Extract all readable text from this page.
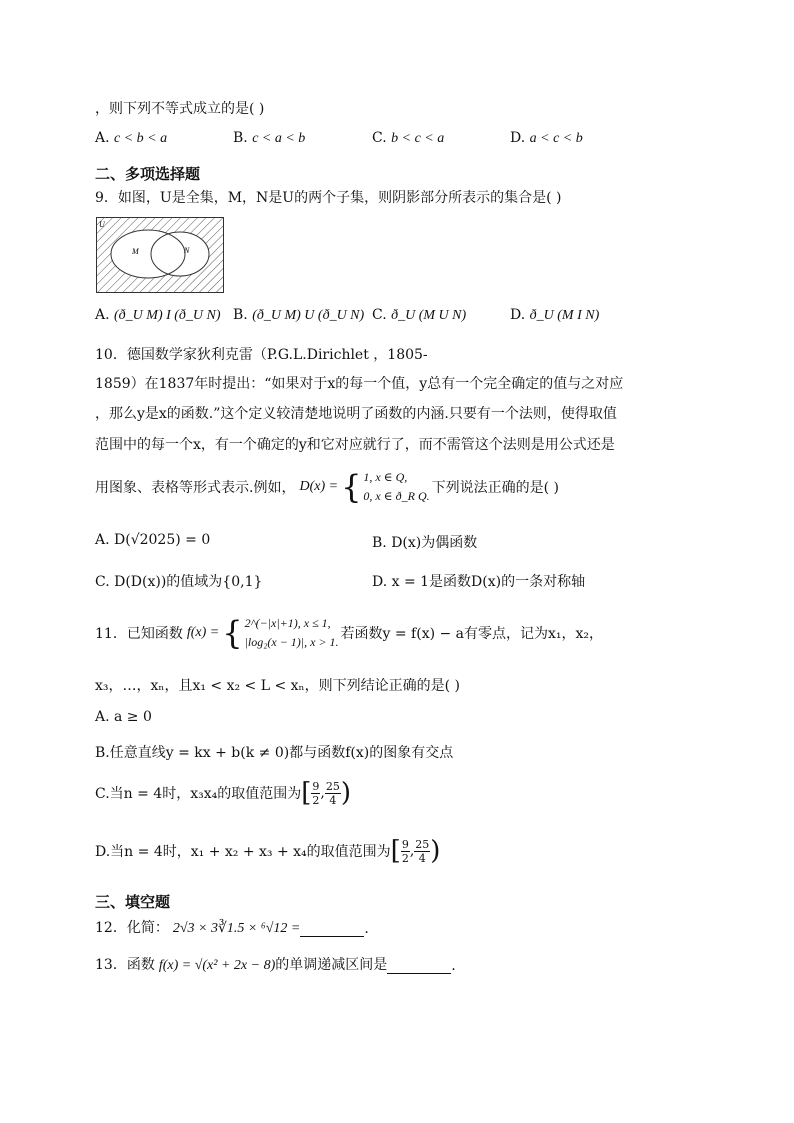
，则下列不等式成立的是( )
A. c < b < a	B. c < a < b	C. b < c < a	D. a < c < b
二、多项选择题
9．如图，U是全集，M，N是U的两个子集，则阴影部分所表示的集合是( )
U
M	N
A. (ð_U M) I (ð_U N) B. (ð_U M) U (ð_U N) C. ð_U (M U N)	D. ð_U (M I N)
10．德国数学家狄利克雷（P.G.L.Dirichlet ，1805-
1859）在1837年时提出：“如果对于x的每一个值，y总有一个完全确定的值与之对应
，那么y是x的函数.”这个定义较清楚地说明了函数的内涵.只要有一个法则，使得取值
范围中的每一个x，有一个确定的y和它对应就行了，而不需管这个法则是用公式还是
用图象、表格等形式表示.例如， D(x) = { 1, x ∈ Q,
0, x ∈ ð_R Q. 下列说法正确的是( )
A. D(√2025) = 0	B. D(x)为偶函数
C. D(D(x))的值域为{0,1}	D. x = 1是函数D(x)的一条对称轴
11．已知函数 f(x) = { 2^(−|x|+1), x ≤ 1,
|log₂(x − 1)|, x > 1. 若函数y = f(x) − a有零点，记为x₁，x₂，
x₃，…，xₙ，且x₁ < x₂ < L < xₙ，则下列结论正确的是( )
A. a ≥ 0
B.任意直线y = kx + b(k ≠ 0)都与函数f(x)的图象有交点
C.当n = 4时，x₃x₄的取值范围为 [ $\frac{9}{2}$ , $\frac{25}{4}$ )
D.当n = 4时，x₁ + x₂ + x₃ + x₄的取值范围为 [ $\frac{9}{2}$ , $\frac{25}{4}$ )
三、填空题
12．化简： 2√3 × 3∛1.5 × ⁶√12 =	.
13．函数 f(x) = √(x² + 2x − 8) 的单调递减区间是	.
